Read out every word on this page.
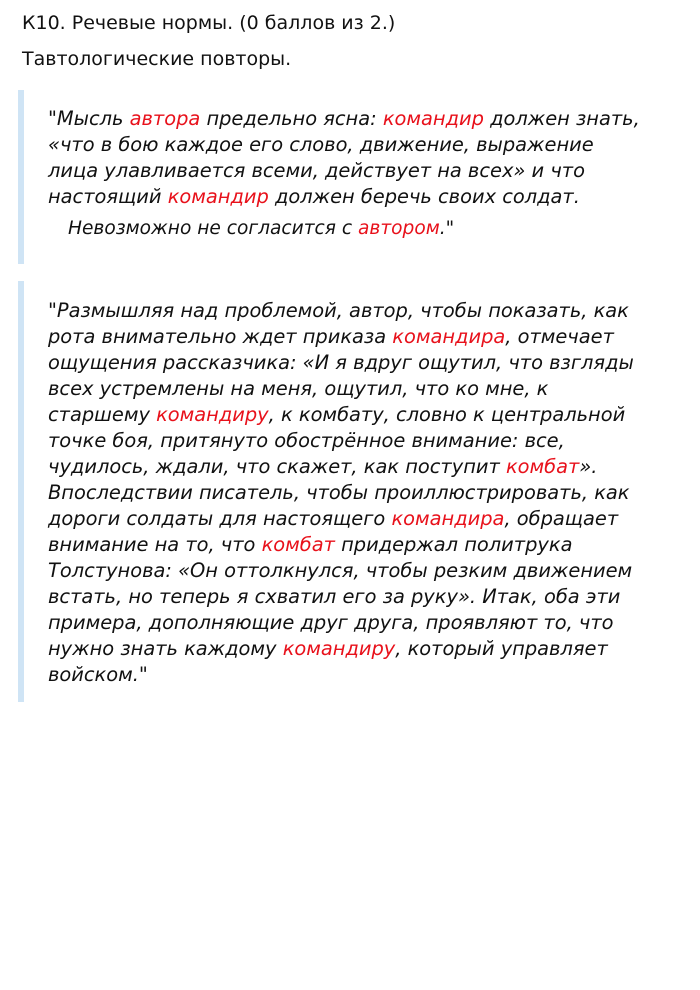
К10. Речевые нормы. (0 баллов из 2.)
Тавтологические повторы.
"Мысль автора предельно ясна: командир должен знать,
«что в бою каждое его слово, движение, выражение
лица улавливается всеми, действует на всех» и что
настоящий командир должен беречь своих солдат.
Невозможно не согласится с автором."
"Размышляя над проблемой, автор, чтобы показать, как
рота внимательно ждет приказа командира, отмечает
ощущения рассказчика: «И я вдруг ощутил, что взгляды
всех устремлены на меня, ощутил, что ко мне, к
старшему командиру, к комбату, словно к центральной
точке боя, притянуто обострённое внимание: все,
чудилось, ждали, что скажет, как поступит комбат».
Впоследствии писатель, чтобы проиллюстрировать, как
дороги солдаты для настоящего командира, обращает
внимание на то, что комбат придержал политрука
Толстунова: «Он оттолкнулся, чтобы резким движением
встать, но теперь я схватил его за руку». Итак, оба эти
примера, дополняющие друг друга, проявляют то, что
нужно знать каждому командиру, который управляет
войском."
